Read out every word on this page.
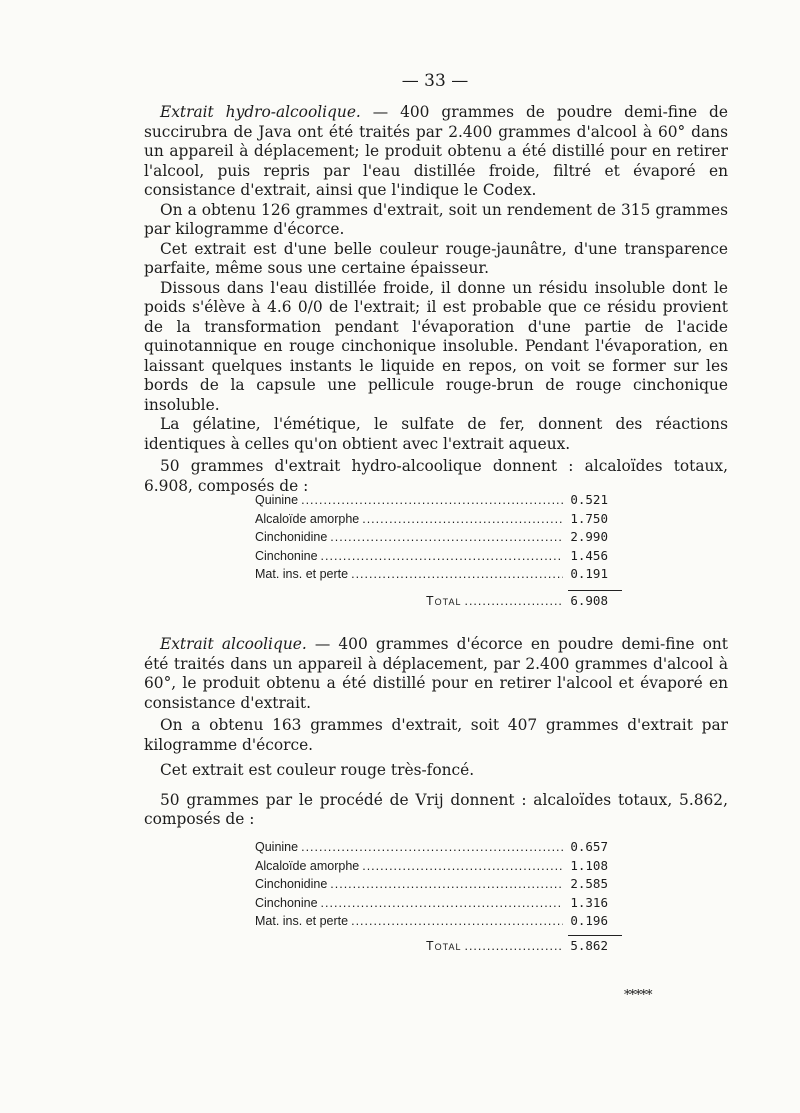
— 33 —

Extrait hydro-alcoolique. — 400 grammes de poudre demi-fine de succirubra de Java ont été traités par 2.400 grammes d'alcool à 60° dans un appareil à déplacement; le produit obtenu a été distillé pour en retirer l'alcool, puis repris par l'eau distillée froide, filtré et évaporé en consistance d'extrait, ainsi que l'indique le Codex.

On a obtenu 126 grammes d'extrait, soit un rendement de 315 grammes par kilogramme d'écorce.

Cet extrait est d'une belle couleur rouge-jaunâtre, d'une transparence parfaite, même sous une certaine épaisseur.

Dissous dans l'eau distillée froide, il donne un résidu insoluble dont le poids s'élève à 4.6 0/0 de l'extrait; il est probable que ce résidu provient de la transformation pendant l'évaporation d'une partie de l'acide quinotannique en rouge cinchonique insoluble. Pendant l'évaporation, en laissant quelques instants le liquide en repos, on voit se former sur les bords de la capsule une pellicule rouge-brun de rouge cinchonique insoluble.

La gélatine, l'émétique, le sulfate de fer, donnent des réactions identiques à celles qu'on obtient avec l'extrait aqueux.

50 grammes d'extrait hydro-alcoolique donnent : alcaloïdes totaux, 6.908, composés de :

Quinine .....	0.521
Alcaloïde amorphe .....	1.750
Cinchonidine .....	2.990
Cinchonine .....	1.456
Mat. ins. et perte .....	0.191
Total .....	6.908

Extrait alcoolique. — 400 grammes d'écorce en poudre demi-fine ont été traités dans un appareil à déplacement, par 2.400 grammes d'alcool à 60°, le produit obtenu a été distillé pour en retirer l'alcool et évaporé en consistance d'extrait.

On a obtenu 163 grammes d'extrait, soit 407 grammes d'extrait par kilogramme d'écorce.

Cet extrait est couleur rouge très-foncé.

50 grammes par le procédé de Vrij donnent : alcaloïdes totaux, 5.862, composés de :

Quinine .....	0.657
Alcaloïde amorphe .....	1.108
Cinchonidine .....	2.585
Cinchonine .....	1.316
Mat. ins. et perte .....	0.196
Total .....	5.862
*****
